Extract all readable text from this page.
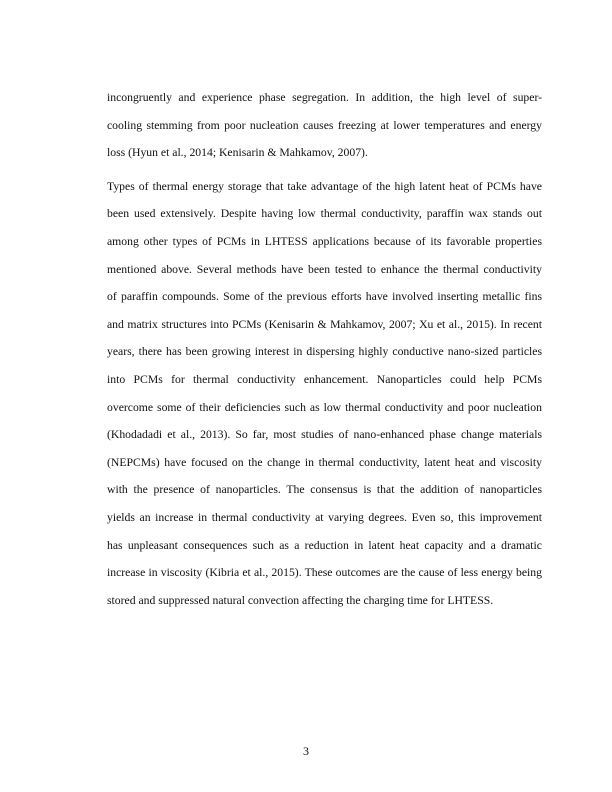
incongruently and experience phase segregation. In addition, the high level of super-
cooling stemming from poor nucleation causes freezing at lower temperatures and energy
loss (Hyun et al., 2014; Kenisarin & Mahkamov, 2007).
Types of thermal energy storage that take advantage of the high latent heat of PCMs have
been used extensively. Despite having low thermal conductivity, paraffin wax stands out
among other types of PCMs in LHTESS applications because of its favorable properties
mentioned above. Several methods have been tested to enhance the thermal conductivity
of paraffin compounds. Some of the previous efforts have involved inserting metallic fins
and matrix structures into PCMs (Kenisarin & Mahkamov, 2007; Xu et al., 2015). In recent
years, there has been growing interest in dispersing highly conductive nano-sized particles
into PCMs for thermal conductivity enhancement. Nanoparticles could help PCMs
overcome some of their deficiencies such as low thermal conductivity and poor nucleation
(Khodadadi et al., 2013). So far, most studies of nano-enhanced phase change materials
(NEPCMs) have focused on the change in thermal conductivity, latent heat and viscosity
with the presence of nanoparticles. The consensus is that the addition of nanoparticles
yields an increase in thermal conductivity at varying degrees. Even so, this improvement
has unpleasant consequences such as a reduction in latent heat capacity and a dramatic
increase in viscosity (Kibria et al., 2015). These outcomes are the cause of less energy being
stored and suppressed natural convection affecting the charging time for LHTESS.
3
